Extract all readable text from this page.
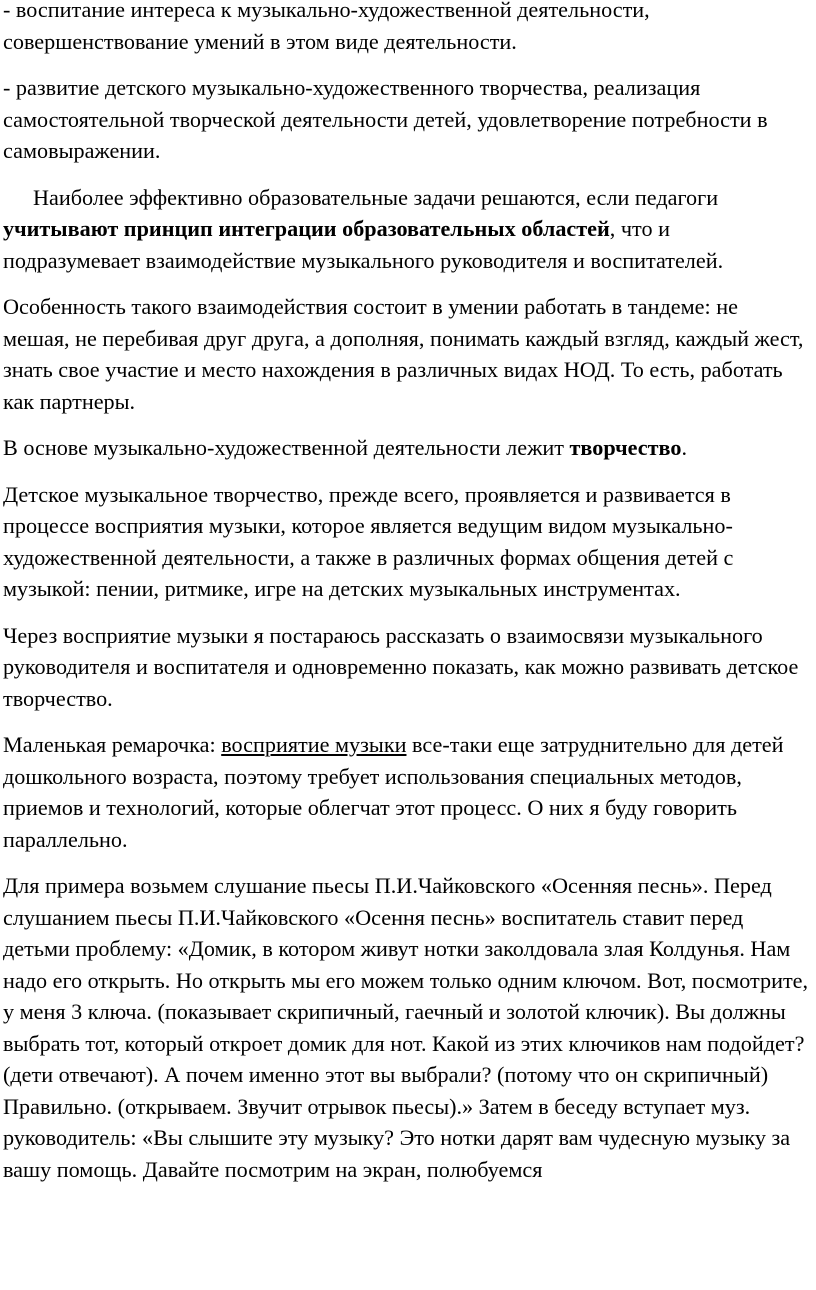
- воспитание интереса к музыкально-художественной деятельности, совершенствование умений в этом виде деятельности.

- развитие детского музыкально-художественного творчества, реализация самостоятельной творческой деятельности детей, удовлетворение потребности в самовыражении.

Наиболее эффективно образовательные задачи решаются, если педагоги учитывают принцип интеграции образовательных областей, что и подразумевает взаимодействие музыкального руководителя и воспитателей.

Особенность такого взаимодействия состоит в умении работать в тандеме: не мешая, не перебивая друг друга, а дополняя, понимать каждый взгляд, каждый жест, знать свое участие и место нахождения в различных видах НОД. То есть, работать как партнеры.

В основе музыкально-художественной деятельности лежит творчество.

Детское музыкальное творчество, прежде всего, проявляется и развивается в процессе восприятия музыки, которое является ведущим видом музыкально-художественной деятельности, а также в различных формах общения детей с музыкой: пении, ритмике, игре на детских музыкальных инструментах.

Через восприятие музыки я постараюсь рассказать о взаимосвязи музыкального руководителя и воспитателя и одновременно показать, как можно развивать детское творчество.

Маленькая ремарочка: восприятие музыки все-таки еще затруднительно для детей дошкольного возраста, поэтому требует использования специальных методов, приемов и технологий, которые облегчат этот процесс. О них я буду говорить параллельно.

Для примера возьмем слушание пьесы П.И.Чайковского «Осенняя песнь». Перед слушанием пьесы П.И.Чайковского «Осення песнь» воспитатель ставит перед детьми проблему: «Домик, в котором живут нотки заколдовала злая Колдунья. Нам надо его открыть. Но открыть мы его можем только одним ключом. Вот, посмотрите, у меня 3 ключа. (показывает скрипичный, гаечный и золотой ключик). Вы должны выбрать тот, который откроет домик для нот. Какой из этих ключиков нам подойдет? (дети отвечают). А почем именно этот вы выбрали? (потому что он скрипичный) Правильно. (открываем. Звучит отрывок пьесы).» Затем в беседу вступает муз. руководитель: «Вы слышите эту музыку? Это нотки дарят вам чудесную музыку за вашу помощь. Давайте посмотрим на экран, полюбуемся
